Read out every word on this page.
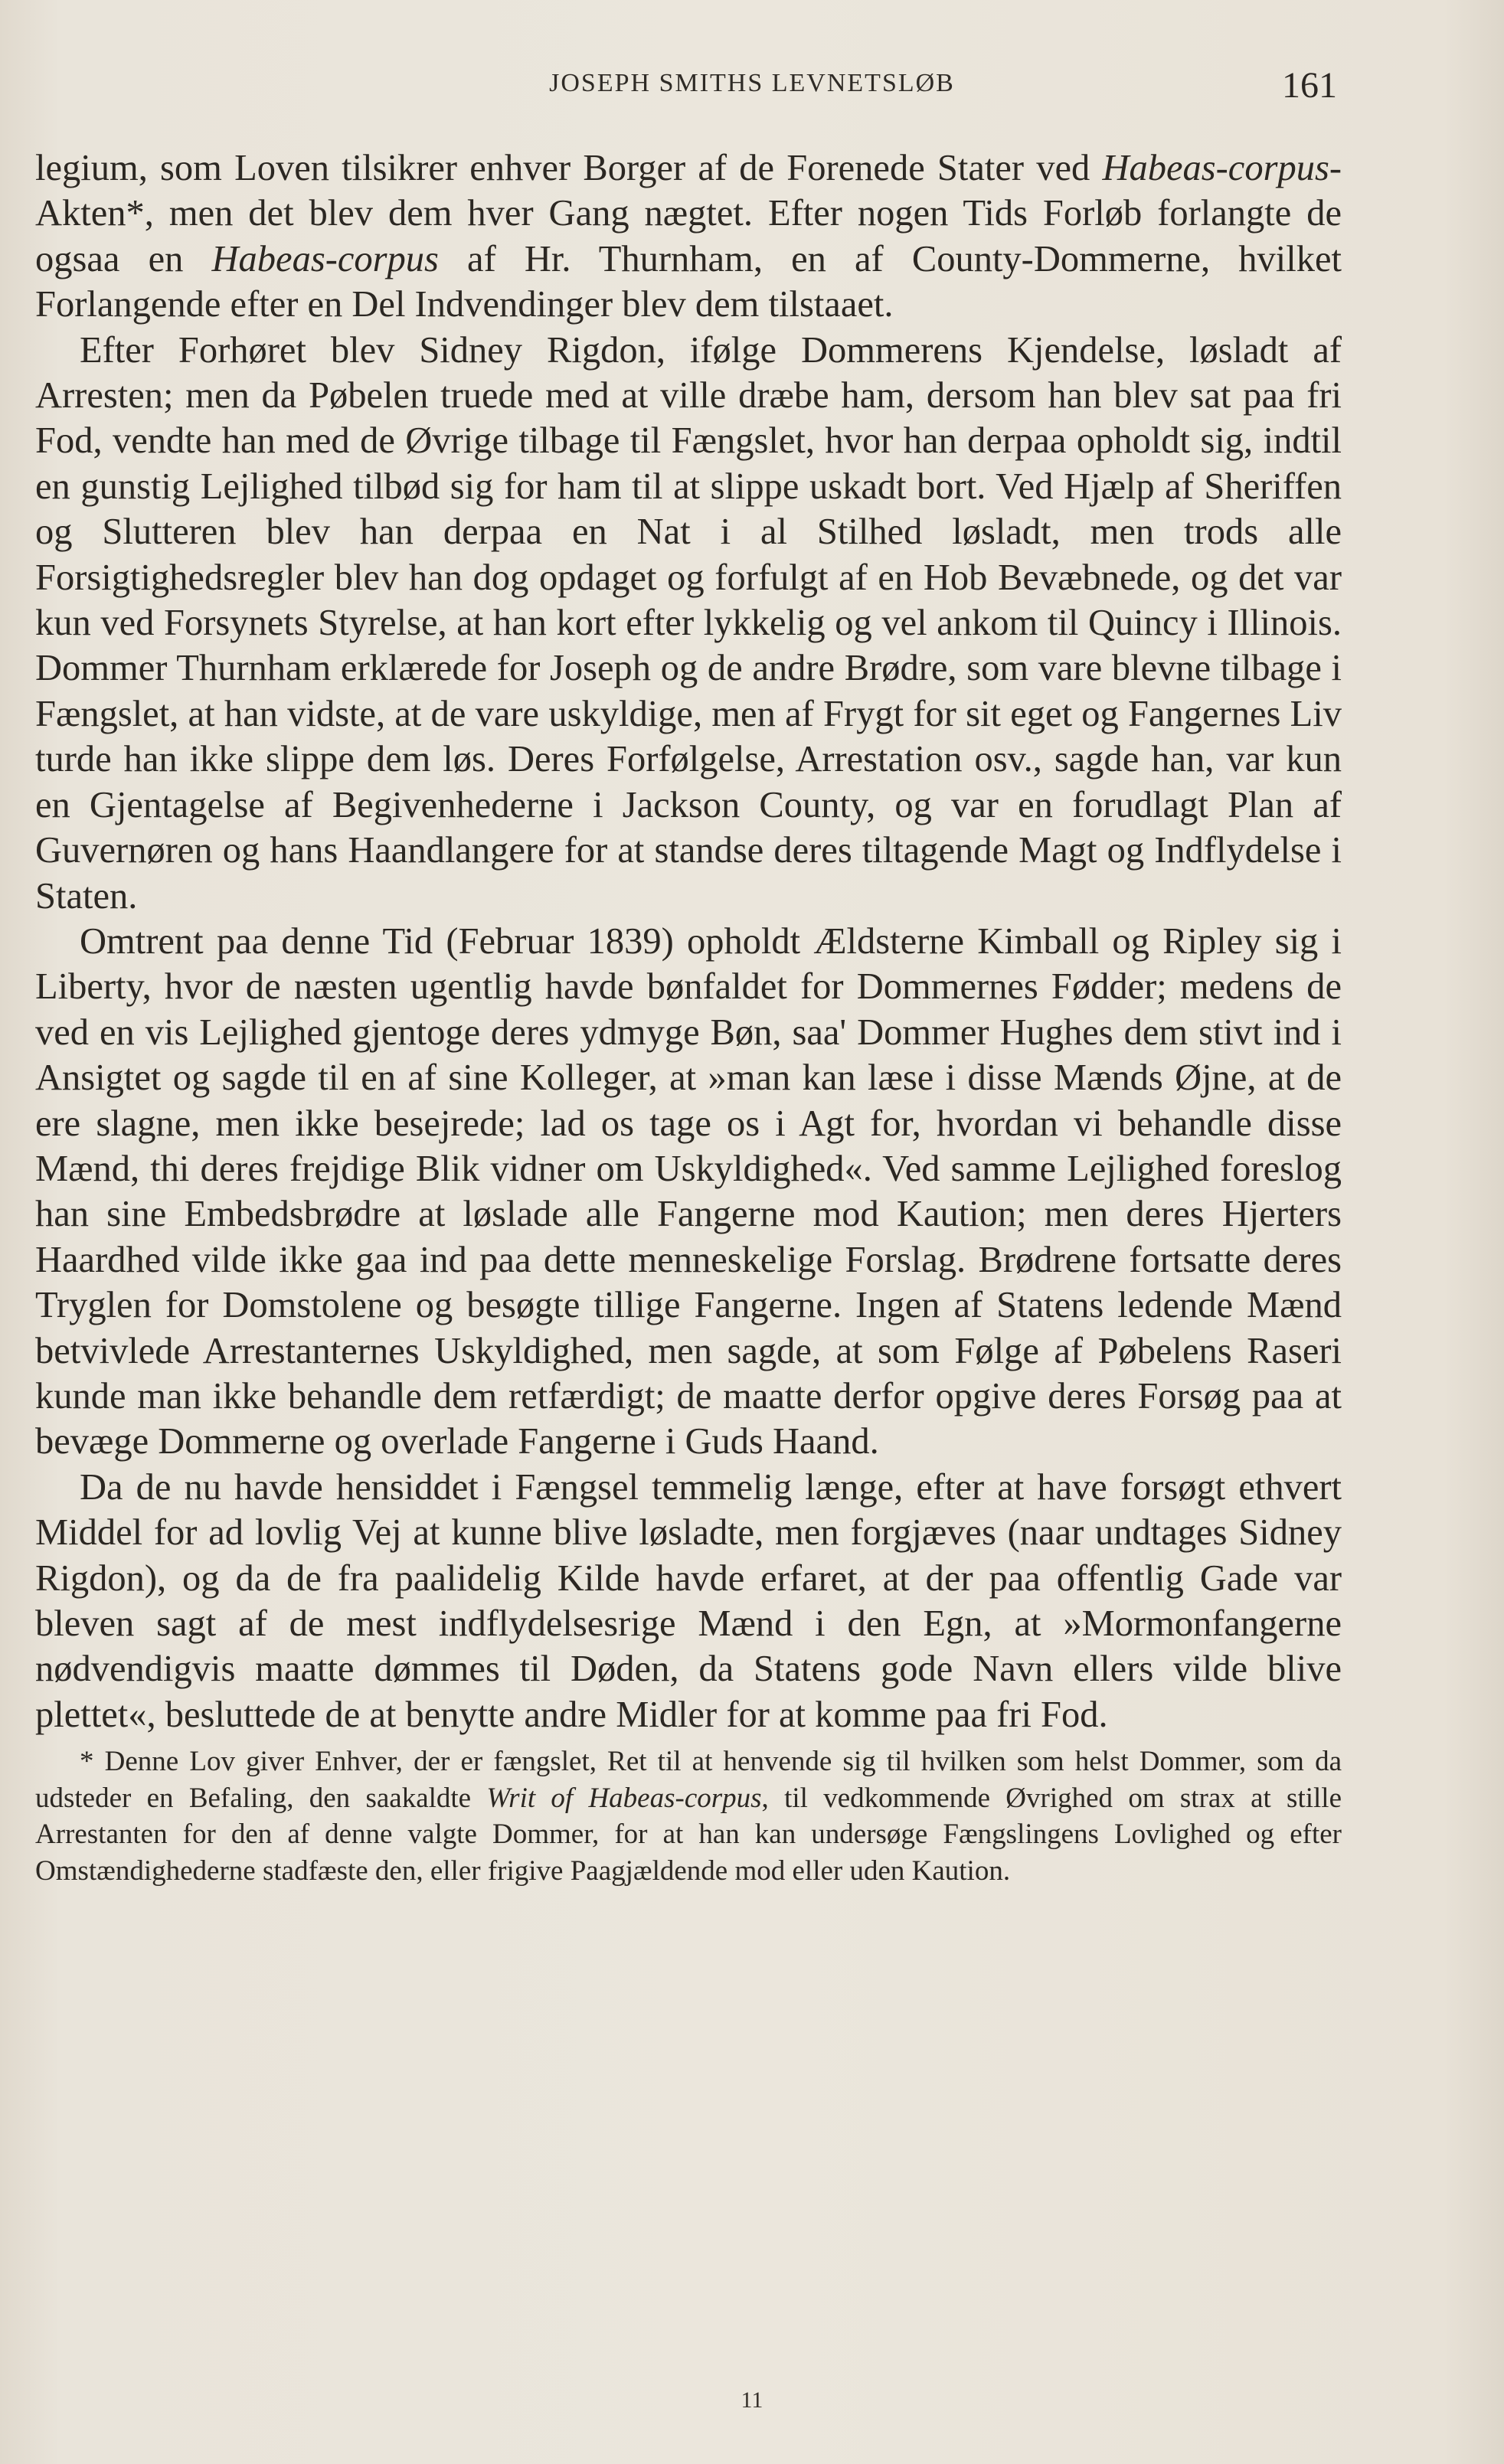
JOSEPH SMITHS LEVNETSLØB	161

legium, som Loven tilsikrer enhver Borger af de Forenede Stater ved Habeas-corpus-Akten*, men det blev dem hver Gang nægtet. Efter nogen Tids Forløb forlangte de ogsaa en Habeas-corpus af Hr. Thurnham, en af County-Dommerne, hvilket Forlangende efter en Del Indvendinger blev dem tilstaaet.

Efter Forhøret blev Sidney Rigdon, ifølge Dommerens Kjendelse, løsladt af Arresten; men da Pøbelen truede med at ville dræbe ham, dersom han blev sat paa fri Fod, vendte han med de Øvrige tilbage til Fængslet, hvor han derpaa opholdt sig, indtil en gunstig Lejlighed tilbød sig for ham til at slippe uskadt bort. Ved Hjælp af Sheriffen og Slutteren blev han derpaa en Nat i al Stilhed løsladt, men trods alle Forsigtighedsregler blev han dog opdaget og forfulgt af en Hob Bevæbnede, og det var kun ved Forsynets Styrelse, at han kort efter lykkelig og vel ankom til Quincy i Illinois. Dommer Thurnham erklærede for Joseph og de andre Brødre, som vare blevne tilbage i Fængslet, at han vidste, at de vare uskyldige, men af Frygt for sit eget og Fangernes Liv turde han ikke slippe dem løs. Deres Forfølgelse, Arrestation osv., sagde han, var kun en Gjentagelse af Begivenhederne i Jackson County, og var en forudlagt Plan af Guvernøren og hans Haandlangere for at standse deres tiltagende Magt og Indflydelse i Staten.

Omtrent paa denne Tid (Februar 1839) opholdt Ældsterne Kimball og Ripley sig i Liberty, hvor de næsten ugentlig havde bønfaldet for Dommernes Fødder; medens de ved en vis Lejlighed gjentoge deres ydmyge Bøn, saa' Dommer Hughes dem stivt ind i Ansigtet og sagde til en af sine Kolleger, at »man kan læse i disse Mænds Øjne, at de ere slagne, men ikke besejrede; lad os tage os i Agt for, hvordan vi behandle disse Mænd, thi deres frejdige Blik vidner om Uskyldighed«. Ved samme Lejlighed foreslog han sine Embedsbrødre at løslade alle Fangerne mod Kaution; men deres Hjerters Haardhed vilde ikke gaa ind paa dette menneskelige Forslag. Brødrene fortsatte deres Tryglen for Domstolene og besøgte tillige Fangerne. Ingen af Statens ledende Mænd betvivlede Arrestanternes Uskyldighed, men sagde, at som Følge af Pøbelens Raseri kunde man ikke behandle dem retfærdigt; de maatte derfor opgive deres Forsøg paa at bevæge Dommerne og overlade Fangerne i Guds Haand.

Da de nu havde hensiddet i Fængsel temmelig længe, efter at have forsøgt ethvert Middel for ad lovlig Vej at kunne blive løsladte, men forgjæves (naar undtages Sidney Rigdon), og da de fra paalidelig Kilde havde erfaret, at der paa offentlig Gade var bleven sagt af de mest indflydelsesrige Mænd i den Egn, at »Mormonfangerne nødvendigvis maatte dømmes til Døden, da Statens gode Navn ellers vilde blive plettet«, besluttede de at benytte andre Midler for at komme paa fri Fod.

* Denne Lov giver Enhver, der er fængslet, Ret til at henvende sig til hvilken som helst Dommer, som da udsteder en Befaling, den saakaldte Writ of Habeas-corpus, til vedkommende Øvrighed om strax at stille Arrestanten for den af denne valgte Dommer, for at han kan undersøge Fængslingens Lovlighed og efter Omstændighederne stadfæste den, eller frigive Paagjældende mod eller uden Kaution.

11
